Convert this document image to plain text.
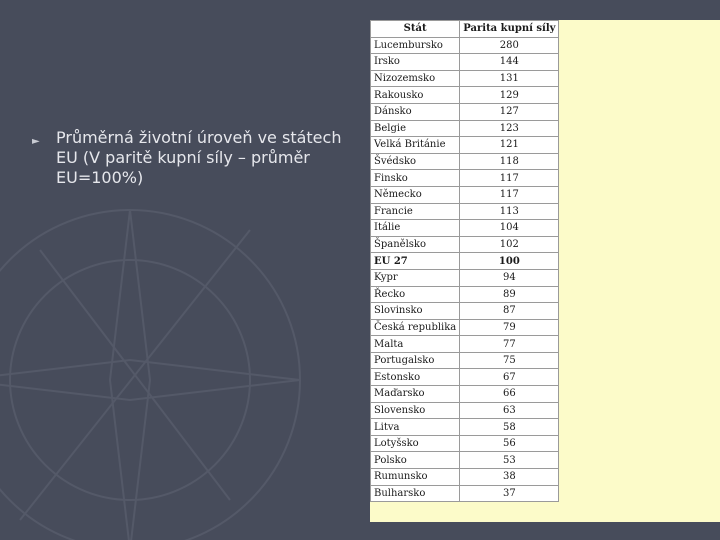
► Průměrná životní úroveň ve státech EU (V paritě kupní síly – průměr EU=100%)
Stát	Parita kupní síly
Lucembursko	280
Irsko	144
Nizozemsko	131
Rakousko	129
Dánsko	127
Belgie	123
Velká Británie	121
Švédsko	118
Finsko	117
Německo	117
Francie	113
Itálie	104
Španělsko	102
EU 27	100
Kypr	94
Řecko	89
Slovinsko	87
Česká republika	79
Malta	77
Portugalsko	75
Estonsko	67
Maďarsko	66
Slovensko	63
Litva	58
Lotyšsko	56
Polsko	53
Rumunsko	38
Bulharsko	37
